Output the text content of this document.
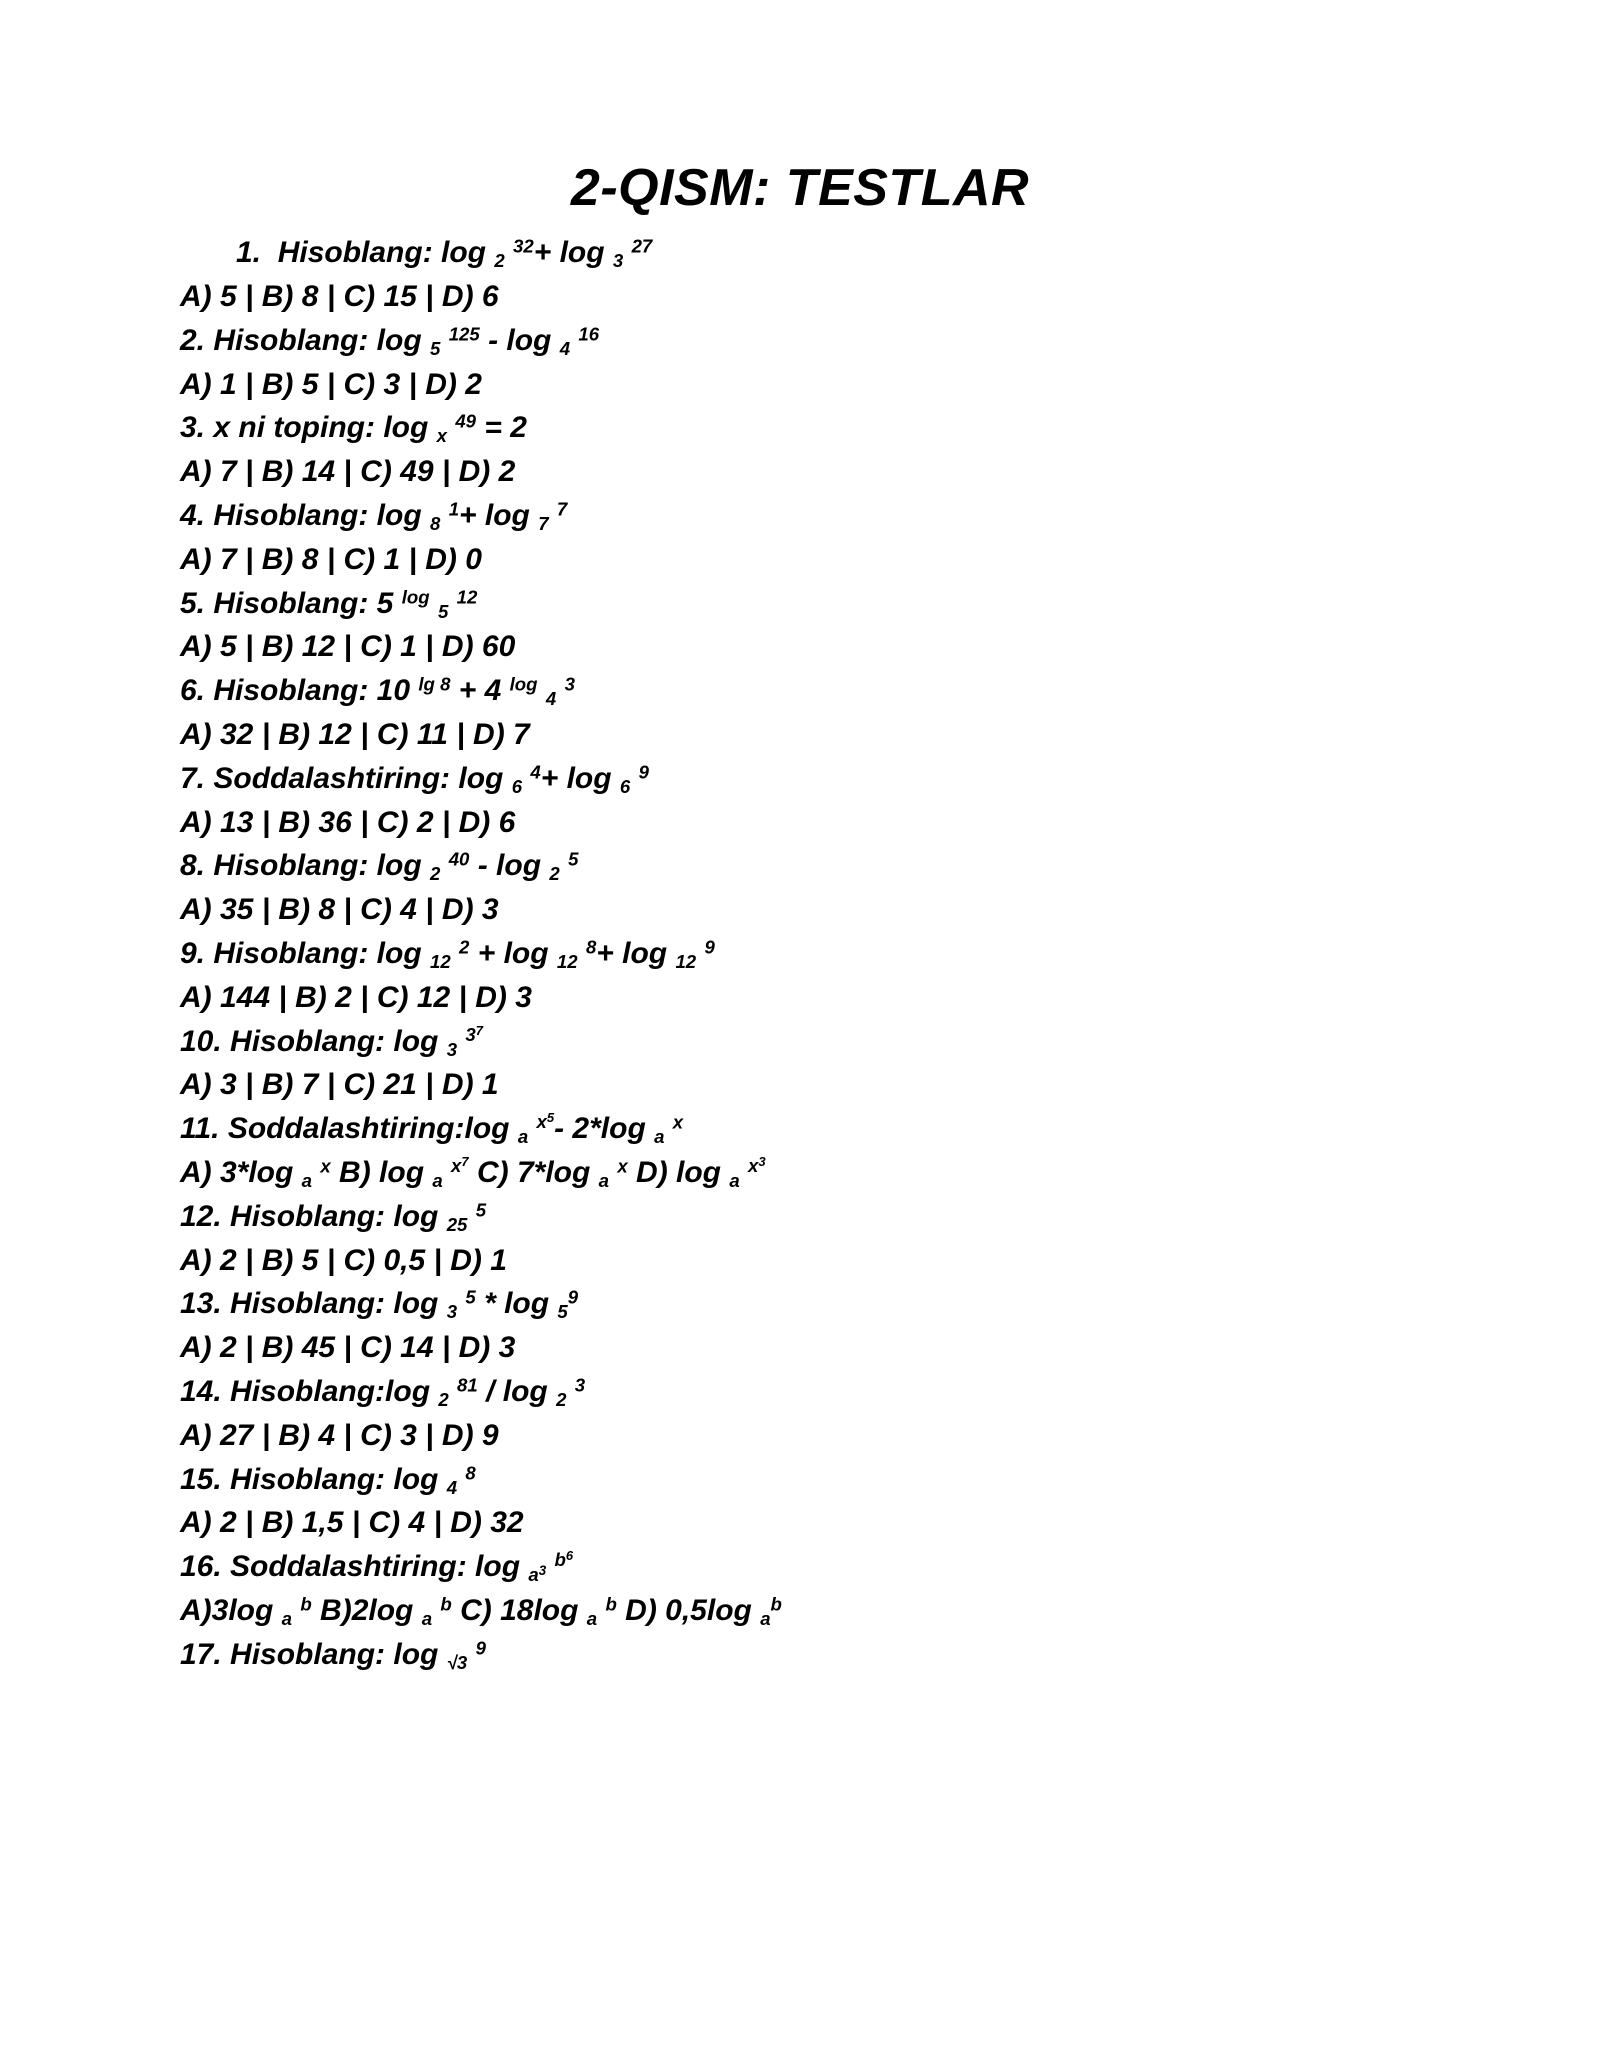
2-QISM: TESTLAR

1.  Hisoblang: log $_2$ $^{32}$+ log $_3$ $^{27}$

A) 5 | B) 8 | C) 15 | D) 6

2. Hisoblang: log $_5$ $^{125}$ - log $_4$ $^{16}$

A) 1 | B) 5 | C) 3 | D) 2

3. x ni toping: log $_x$ $^{49}$ = 2

A) 7 | B) 14 | C) 49 | D) 2

4. Hisoblang: log $_8$ $^1$+ log $_7$ $^7$

A) 7 | B) 8 | C) 1 | D) 0

5. Hisoblang: 5 $^{log}$ $_5$ $^{12}$

A) 5 | B) 12 | C) 1 | D) 60

6. Hisoblang: 10 $^{lg 8}$ + 4 $^{log}$ $_4$ $^3$

A) 32 | B) 12 | C) 11 | D) 7

7. Soddalashtiring: log $_6$ $^4$+ log $_6$ $^9$

A) 13 | B) 36 | C) 2 | D) 6

8. Hisoblang: log $_2$ $^{40}$ - log $_2$ $^5$

A) 35 | B) 8 | C) 4 | D) 3

9. Hisoblang: log $_{12}$ $^2$ + log $_{12}$ $^8$+ log $_{12}$ $^9$

A) 144 | B) 2 | C) 12 | D) 3

10. Hisoblang: log $_3$ $^{3^7}$

A) 3 | B) 7 | C) 21 | D) 1

11. Soddalashtiring:log $_a$ $^{x^5}$- 2*log $_a$ $^x$

A) 3*log $_a$ $^x$ B) log $_a$ $^{x^7}$ C) 7*log $_a$ $^x$ D) log $_a$ $^{x^3}$

12. Hisoblang: log $_{25}$ $^5$

A) 2 | B) 5 | C) 0,5 | D) 1

13. Hisoblang: log $_3$ $^5$ * log $_5^9$

A) 2 | B) 45 | C) 14 | D) 3

14. Hisoblang:log $_2$ $^{81}$ / log $_2$ $^3$

A) 27 | B) 4 | C) 3 | D) 9

15. Hisoblang: log $_4$ $^8$

A) 2 | B) 1,5 | C) 4 | D) 32

16. Soddalashtiring: log $_{a^3}$ $^{b^6}$

A)3log $_a$ $^b$ B)2log $_a$ $^b$ C) 18log $_a$ $^b$ D) 0,5log $_a^b$

17. Hisoblang: log $_{√3}$ $^9$
